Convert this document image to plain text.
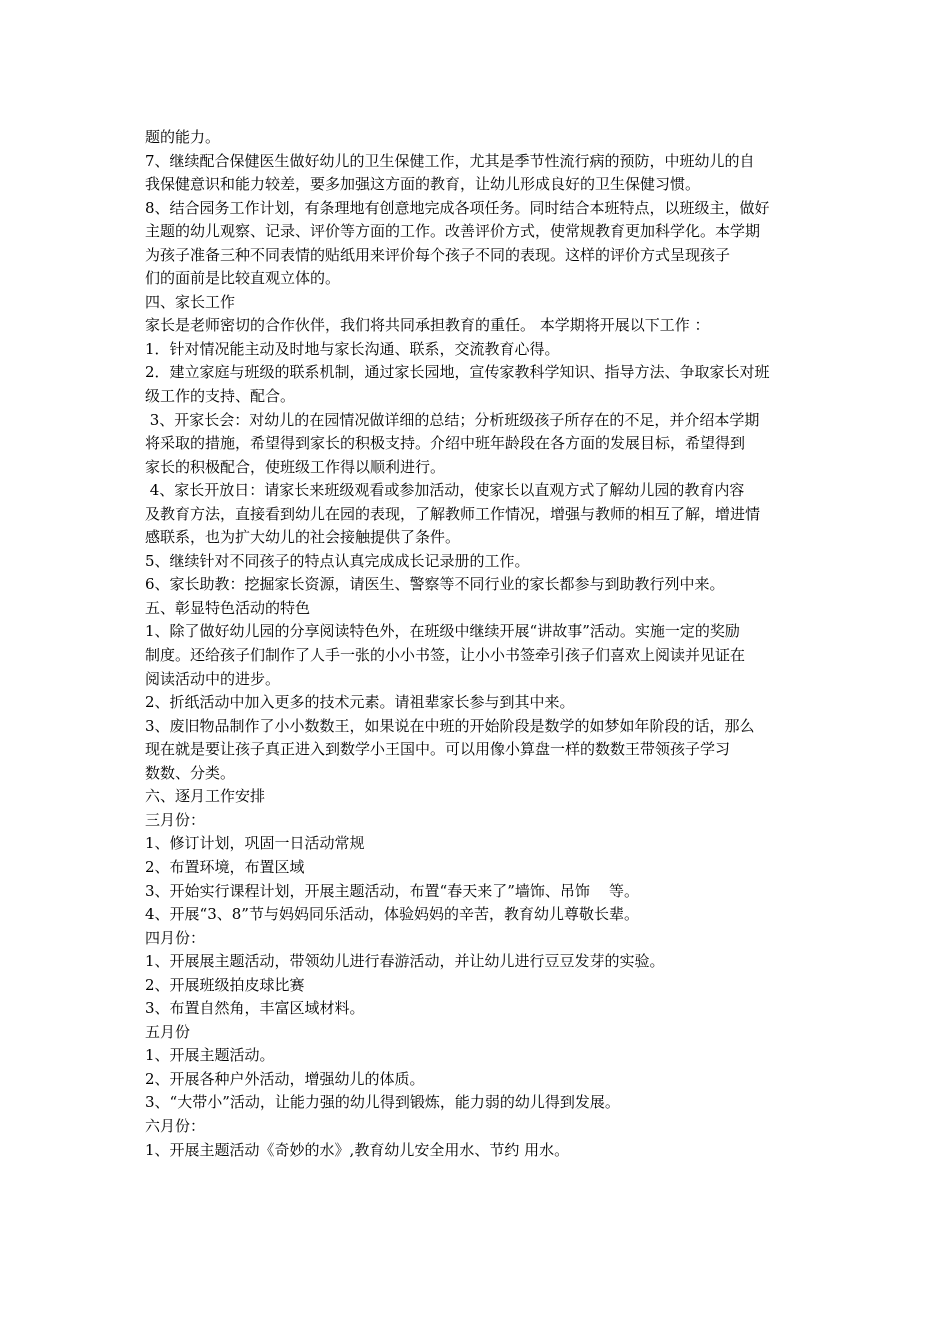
题的能力。
7、继续配合保健医生做好幼儿的卫生保健工作，尤其是季节性流行病的预防，中班幼儿的自
我保健意识和能力较差，要多加强这方面的教育，让幼儿形成良好的卫生保健习惯。
8、结合园务工作计划，有条理地有创意地完成各项任务。同时结合本班特点，以班级主，做好
主题的幼儿观察、记录、评价等方面的工作。改善评价方式，使常规教育更加科学化。本学期
为孩子准备三种不同表情的贴纸用来评价每个孩子不同的表现。这样的评价方式呈现孩子
们的面前是比较直观立体的。
四、家长工作
家长是老师密切的合作伙伴，我们将共同承担教育的重任。 本学期将开展以下工作 ：
1．针对情况能主动及时地与家长沟通、联系，交流教育心得。
2．建立家庭与班级的联系机制，通过家长园地，宣传家教科学知识、指导方法、争取家长对班
级工作的支持、配合。
3、开家长会：对幼儿的在园情况做详细的总结；分析班级孩子所存在的不足，并介绍本学期
将采取的措施，希望得到家长的积极支持。介绍中班年龄段在各方面的发展目标，希望得到
家长的积极配合，使班级工作得以顺利进行。
4、家长开放日：请家长来班级观看或参加活动，使家长以直观方式了解幼儿园的教育内容
及教育方法，直接看到幼儿在园的表现，了解教师工作情况，增强与教师的相互了解，增进情
感联系，也为扩大幼儿的社会接触提供了条件。
5、继续针对不同孩子的特点认真完成成长记录册的工作。
6、家长助教：挖掘家长资源，请医生、警察等不同行业的家长都参与到助教行列中来。
五、彰显特色活动的特色
1、除了做好幼儿园的分享阅读特色外，在班级中继续开展“讲故事”活动。实施一定的奖励
制度。还给孩子们制作了人手一张的小小书签，让小小书签牵引孩子们喜欢上阅读并见证在
阅读活动中的进步。
2、折纸活动中加入更多的技术元素。请祖辈家长参与到其中来。
3、废旧物品制作了小小数数王，如果说在中班的开始阶段是数学的如梦如年阶段的话，那么
现在就是要让孩子真正进入到数学小王国中。可以用像小算盘一样的数数王带领孩子学习
数数、分类。
六、逐月工作安排
三月份：
1、修订计划，巩固一日活动常规
2、布置环境，布置区域
3、开始实行课程计划，开展主题活动，布置“春天来了”墙饰、吊饰    等。
4、开展“3、8”节与妈妈同乐活动，体验妈妈的辛苦，教育幼儿尊敬长辈。
四月份：
1、开展展主题活动，带领幼儿进行春游活动，并让幼儿进行豆豆发芽的实验。
2、开展班级拍皮球比赛
3、布置自然角，丰富区域材料。
五月份
1、开展主题活动。
2、开展各种户外活动，增强幼儿的体质。
3、“大带小”活动，让能力强的幼儿得到锻炼，能力弱的幼儿得到发展。
六月份：
1、开展主题活动《奇妙的水》,教育幼儿安全用水、节约 用水。
